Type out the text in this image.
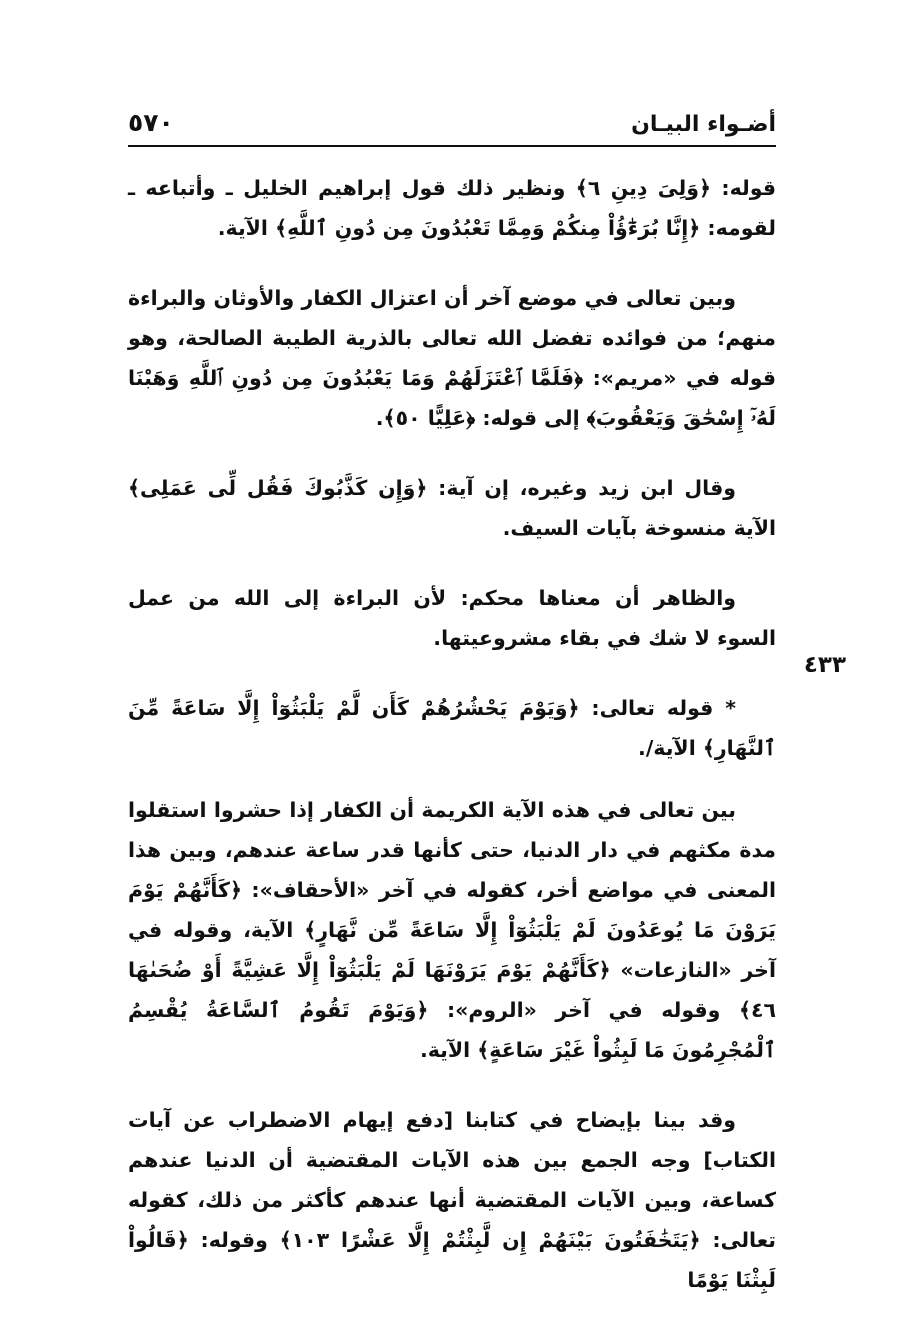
٥٧٠	أضـواء البيـان
٤٣٣

قوله: ﴿وَلِىَ دِينِ ٦﴾ ونظير ذلك قول إبراهيم الخليل ـ وأتباعه ـ لقومه: ﴿إِنَّا بُرَءَٰٓؤُاْ مِنكُمْ وَمِمَّا تَعْبُدُونَ مِن دُونِ ٱللَّهِ﴾ الآية.

وبين تعالى في موضع آخر أن اعتزال الكفار والأوثان والبراءة منهم؛ من فوائده تفضل الله تعالى بالذرية الطيبة الصالحة، وهو قوله في «مريم»: ﴿فَلَمَّا ٱعْتَزَلَهُمْ وَمَا يَعْبُدُونَ مِن دُونِ ٱللَّهِ وَهَبْنَا لَهُۥٓ إِسْحَٰقَ وَيَعْقُوبَ﴾ إلى قوله: ﴿عَلِيًّا ٥٠﴾.

وقال ابن زيد وغيره، إن آية: ﴿وَإِن كَذَّبُوكَ فَقُل لِّى عَمَلِى﴾ الآية منسوخة بآيات السيف.

والظاهر أن معناها محكم: لأن البراءة إلى الله من عمل السوء لا شك في بقاء مشروعيتها.

* قوله تعالى: ﴿وَيَوْمَ يَحْشُرُهُمْ كَأَن لَّمْ يَلْبَثُوٓاْ إِلَّا سَاعَةً مِّنَ ٱلنَّهَارِ﴾ الآية/.

بين تعالى في هذه الآية الكريمة أن الكفار إذا حشروا استقلوا مدة مكثهم في دار الدنيا، حتى كأنها قدر ساعة عندهم، وبين هذا المعنى في مواضع أخر، كقوله في آخر «الأحقاف»: ﴿كَأَنَّهُمْ يَوْمَ يَرَوْنَ مَا يُوعَدُونَ لَمْ يَلْبَثُوٓاْ إِلَّا سَاعَةً مِّن نَّهَارٍ﴾ الآية، وقوله في آخر «النازعات» ﴿كَأَنَّهُمْ يَوْمَ يَرَوْنَهَا لَمْ يَلْبَثُوٓاْ إِلَّا عَشِيَّةً أَوْ ضُحَىٰهَا ٤٦﴾ وقوله في آخر «الروم»: ﴿وَيَوْمَ تَقُومُ ٱلسَّاعَةُ يُقْسِمُ ٱلْمُجْرِمُونَ مَا لَبِثُواْ غَيْرَ سَاعَةٍ﴾ الآية.

وقد بينا بإيضاح في كتابنا [دفع إيهام الاضطراب عن آيات الكتاب] وجه الجمع بين هذه الآيات المقتضية أن الدنيا عندهم كساعة، وبين الآيات المقتضية أنها عندهم كأكثر من ذلك، كقوله تعالى: ﴿يَتَخَٰفَتُونَ بَيْنَهُمْ إِن لَّبِثْتُمْ إِلَّا عَشْرًا ١٠٣﴾ وقوله: ﴿قَالُواْ لَبِثْنَا يَوْمًا
